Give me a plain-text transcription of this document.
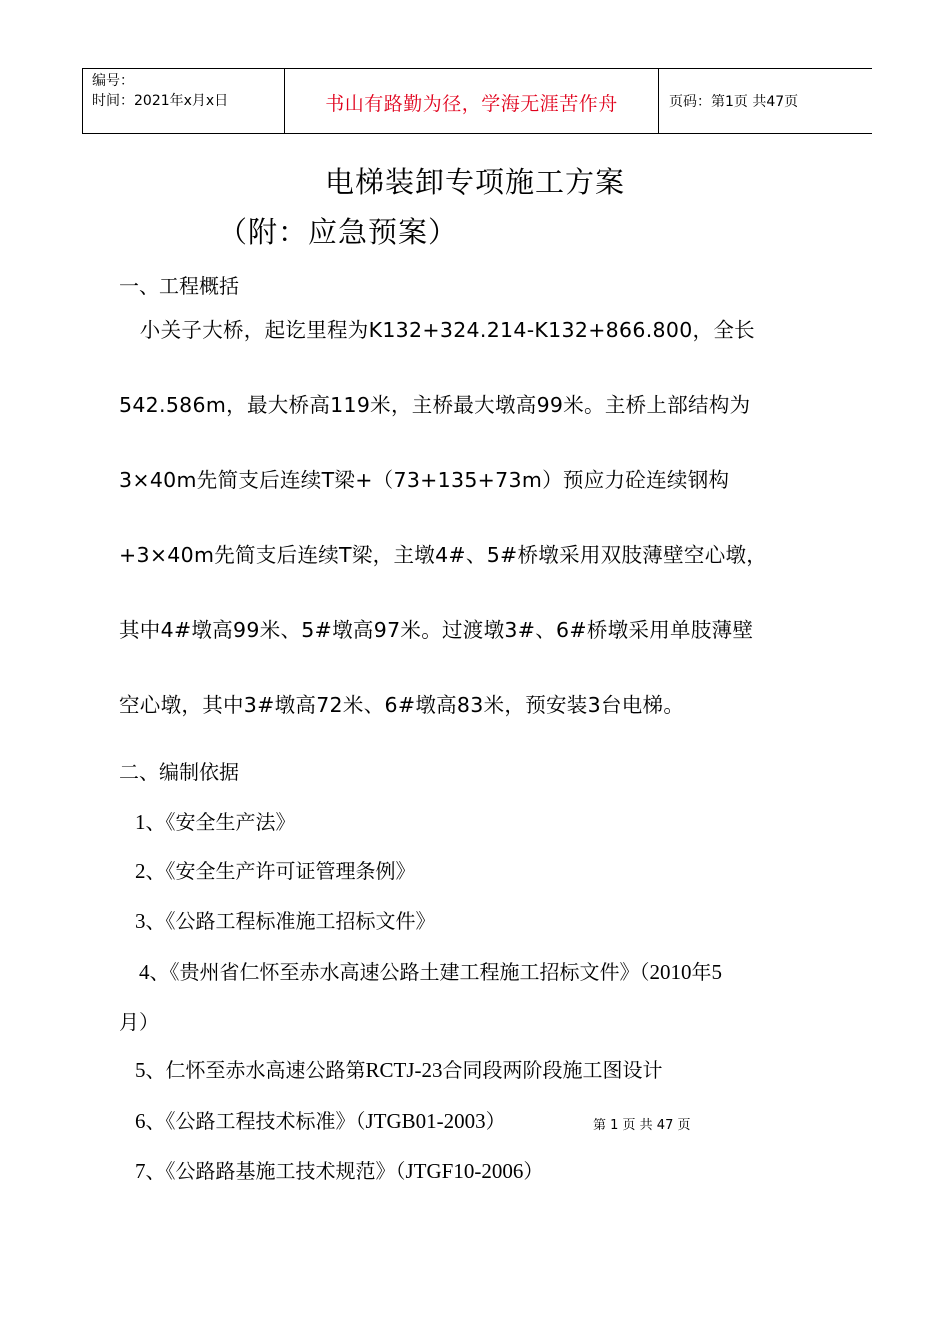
编号：
时间：2021年x月x日	书山有路勤为径，学海无涯苦作舟	页码：第1页 共47页
电梯装卸专项施工方案
（附：应急预案）
一、工程概括
　小关子大桥，起讫里程为K132+324.214-K132+866.800，全长
542.586m，最大桥高119米，主桥最大墩高99米。主桥上部结构为
3×40m先简支后连续T梁+（73+135+73m）预应力砼连续钢构
+3×40m先简支后连续T梁，主墩4#、5#桥墩采用双肢薄壁空心墩，
其中4#墩高99米、5#墩高97米。过渡墩3#、6#桥墩采用单肢薄壁
空心墩，其中3#墩高72米、6#墩高83米，预安装3台电梯。
二、编制依据
1、《安全生产法》
2、《安全生产许可证管理条例》
3、《公路工程标准施工招标文件》
4、《贵州省仁怀至赤水高速公路土建工程施工招标文件》（2010年5
月）
5、仁怀至赤水高速公路第RCTJ-23合同段两阶段施工图设计
6、《公路工程技术标准》（JTGB01-2003）
7、《公路路基施工技术规范》（JTGF10-2006）
第 1 页 共 47 页
